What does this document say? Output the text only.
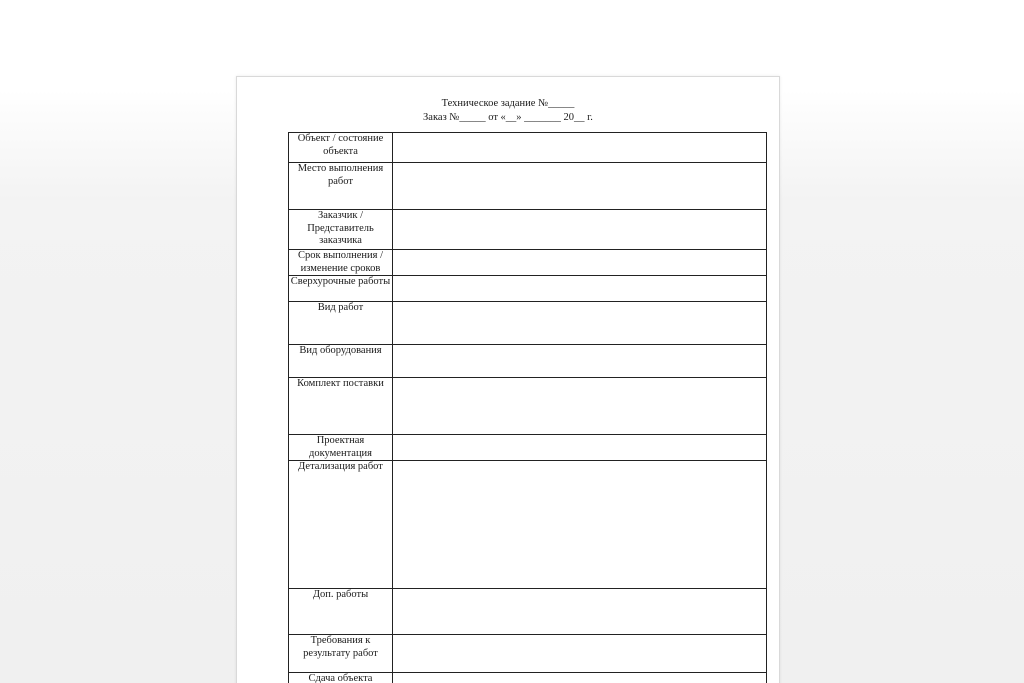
Техническое задание №_____

Заказ №_____ от «__» _______ 20__ г.

Объект / состояние объекта	
Место выполнения работ	
Заказчик /Представитель заказчика	
Срок выполнения / изменение сроков	
Сверхурочные работы	
Вид работ	
Вид оборудования	
Комплект поставки	
Проектная документация	
Детализация работ	
Доп. работы	
Требования к результату работ	
Сдача объекта	
